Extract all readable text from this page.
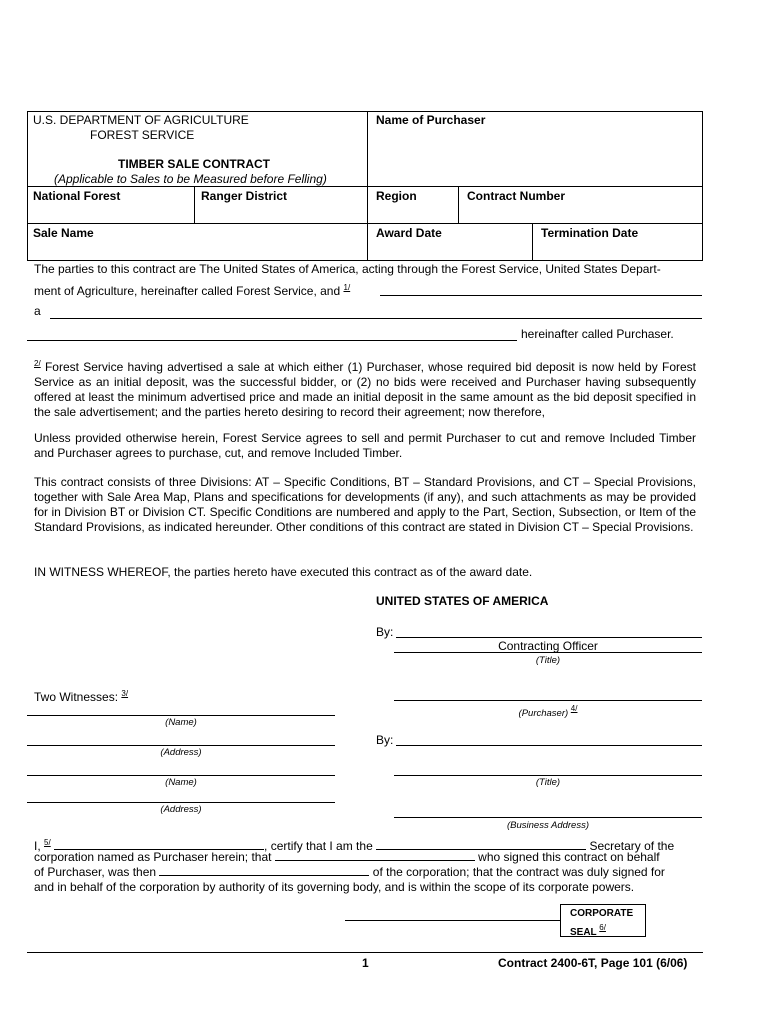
U.S. DEPARTMENT OF AGRICULTURE
FOREST SERVICE
TIMBER SALE CONTRACT
(Applicable to Sales to be Measured before Felling)
Name of Purchaser
National Forest	Ranger District	Region	Contract Number
Sale Name	Award Date	Termination Date
The parties to this contract are The United States of America, acting through the Forest Service, United States Depart-
ment of Agriculture, hereinafter called Forest Service, and $^{1/}$
a
hereinafter called Purchaser.
$^{2/}$ Forest Service having advertised a sale at which either (1) Purchaser, whose required bid deposit is now held by Forest Service as an initial deposit, was the successful bidder, or (2) no bids were received and Purchaser having subsequently offered at least the minimum advertised price and made an initial deposit in the same amount as the bid deposit specified in the sale advertisement; and the parties hereto desiring to record their agreement; now therefore,
Unless provided otherwise herein, Forest Service agrees to sell and permit Purchaser to cut and remove Included Timber and Purchaser agrees to purchase, cut, and remove Included Timber.
This contract consists of three Divisions: AT – Specific Conditions, BT – Standard Provisions, and CT – Special Provisions, together with Sale Area Map, Plans and specifications for developments (if any), and such attachments as may be provided for in Division BT or Division CT. Specific Conditions are numbered and apply to the Part, Section, Subsection, or Item of the Standard Provisions, as indicated hereunder. Other conditions of this contract are stated in Division CT – Special Provisions.
IN WITNESS WHEREOF, the parties hereto have executed this contract as of the award date.
UNITED STATES OF AMERICA
By:
Contracting Officer
(Title)
Two Witnesses: $^{3/}$
(Purchaser) $^{4/}$
(Name)
By:
(Address)
(Name)	(Title)
(Address)
(Business Address)
I, $^{5/}$	, certify that I am the	Secretary of the
corporation named as Purchaser herein; that	who signed this contract on behalf
of Purchaser, was then	of the corporation; that the contract was duly signed for
and in behalf of the corporation by authority of its governing body, and is within the scope of its corporate powers.
CORPORATE
SEAL $^{6/}$
1	Contract 2400-6T, Page 101 (6/06)
